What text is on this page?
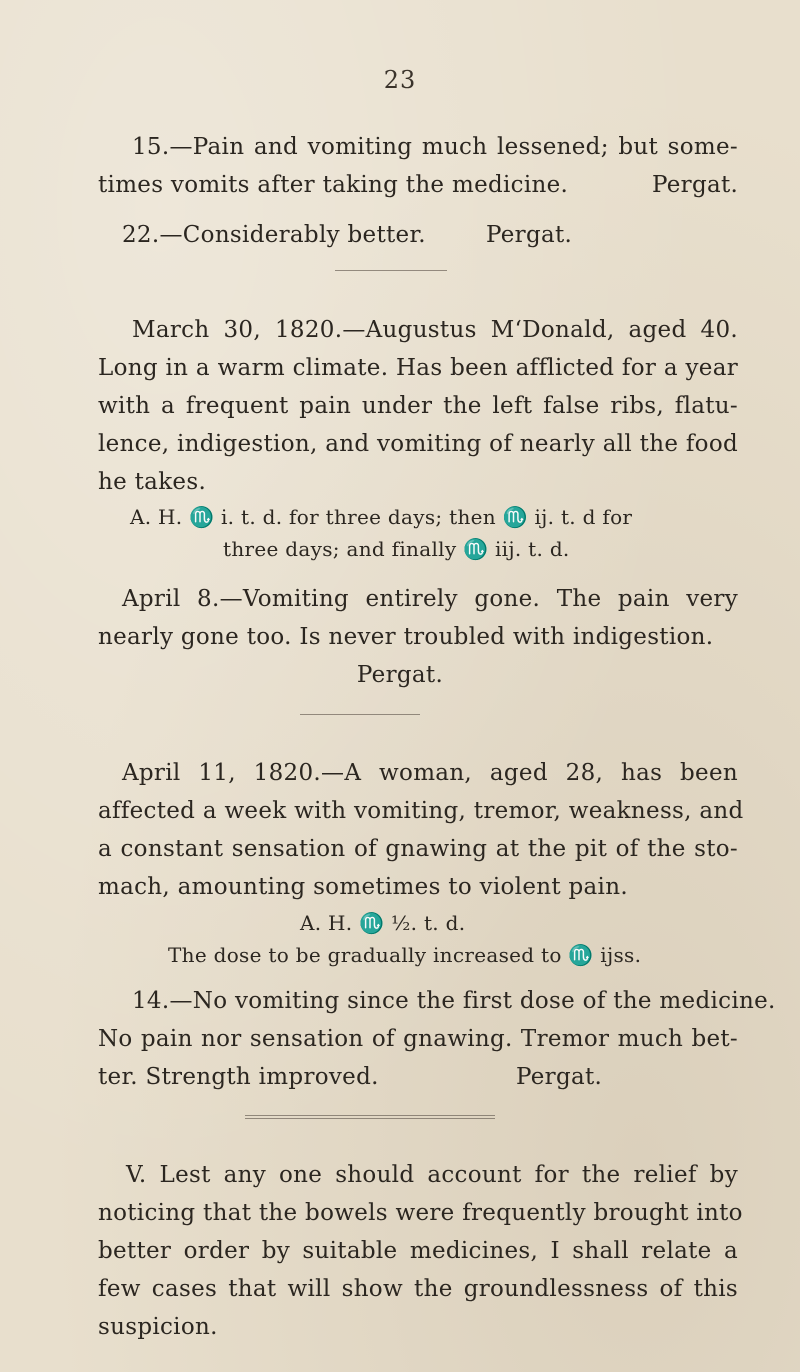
23
15.—Pain and vomiting much lessened; but some-
times vomits after taking the medicine.	Pergat.
22.—Considerably better.	Pergat.
March 30, 1820.—Augustus M‘Donald, aged 40.
Long in a warm climate. Has been afflicted for a year
with a frequent pain under the left false ribs, flatu-
lence, indigestion, and vomiting of nearly all the food
he takes.
A. H. ♏ i. t. d. for three days; then ♏ ij. t. d for
three days; and finally ♏ iij. t. d.
April 8.—Vomiting entirely gone. The pain very
nearly gone too. Is never troubled with indigestion.
Pergat.
April 11, 1820.—A woman, aged 28, has been
affected a week with vomiting, tremor, weakness, and
a constant sensation of gnawing at the pit of the sto-
mach, amounting sometimes to violent pain.
A. H. ♏ ½. t. d.
The dose to be gradually increased to ♏ ijss.
14.—No vomiting since the first dose of the medicine.
No pain nor sensation of gnawing. Tremor much bet-
ter. Strength improved.	Pergat.
V. Lest any one should account for the relief by
noticing that the bowels were frequently brought into
better order by suitable medicines, I shall relate a
few cases that will show the groundlessness of this
suspicion.
